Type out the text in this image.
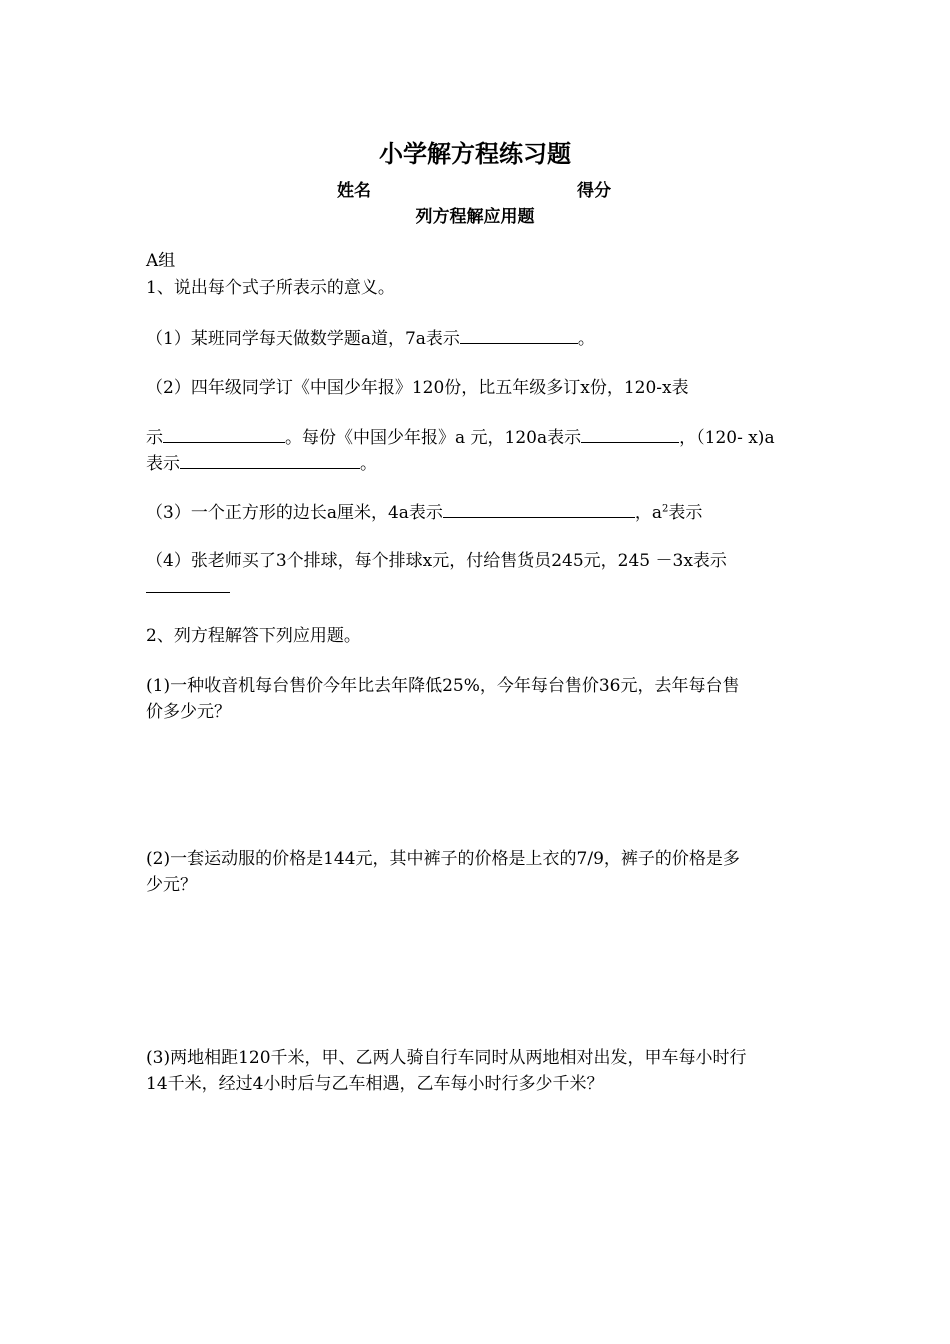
小学解方程练习题
姓名	得分
列方程解应用题
A组
1、说出每个式子所表示的意义。
（1）某班同学每天做数学题a道，7a表示	。
（2）四年级同学订《中国少年报》120份，比五年级多订x份，120-x表
示	。每份《中国少年报》a 元，120a表示	，（120- x)a
表示	。
（3）一个正方形的边长a厘米，4a表示	，$a^2$表示
（4）张老师买了3个排球，每个排球x元，付给售货员245元，245 －3x表示
2、列方程解答下列应用题。
(1)一种收音机每台售价今年比去年降低25%，今年每台售价36元，去年每台售
价多少元？
(2)一套运动服的价格是144元，其中裤子的价格是上衣的7/9，裤子的价格是多
少元？
(3)两地相距120千米，甲、乙两人骑自行车同时从两地相对出发，甲车每小时行
14千米，经过4小时后与乙车相遇，乙车每小时行多少千米？
